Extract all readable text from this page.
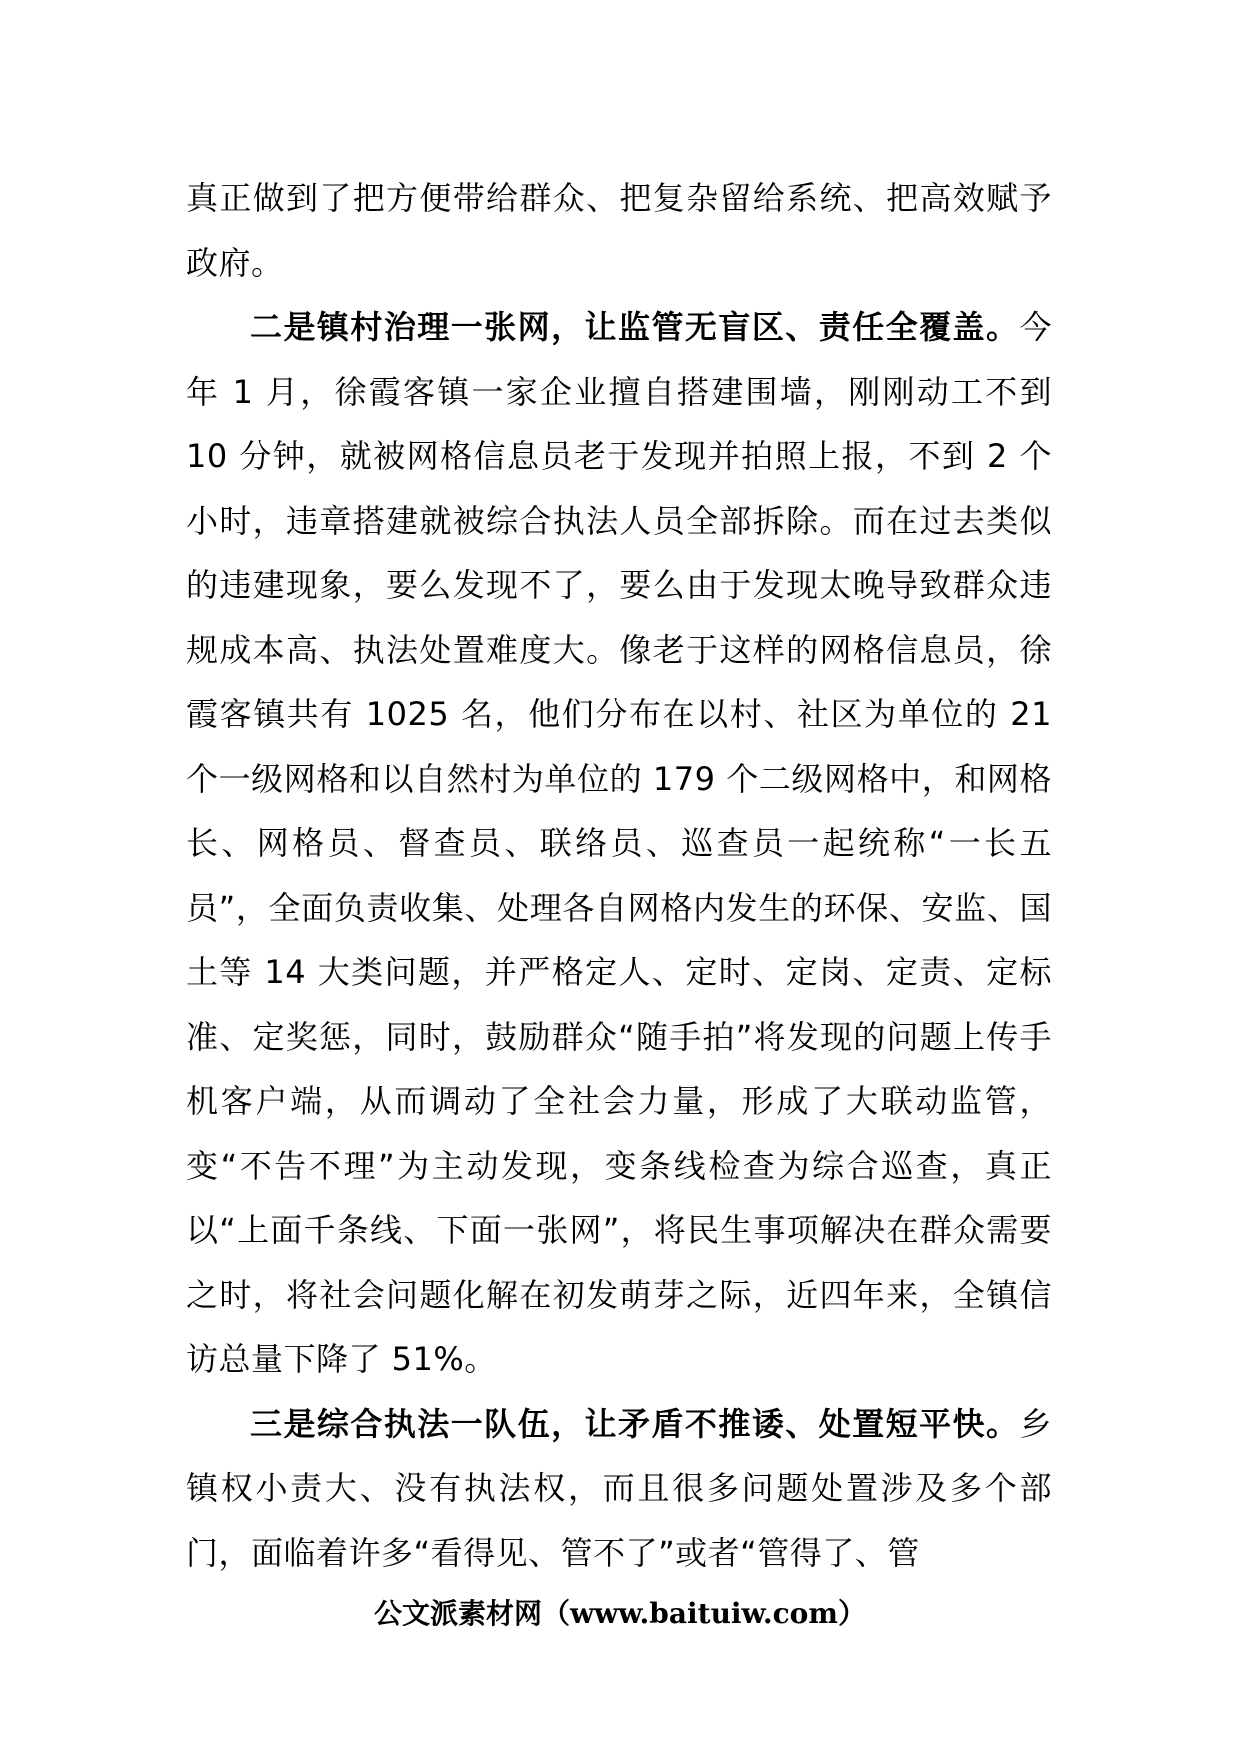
真正做到了把方便带给群众、把复杂留给系统、把高效赋予政府。

二是镇村治理一张网，让监管无盲区、责任全覆盖。今年 1 月，徐霞客镇一家企业擅自搭建围墙，刚刚动工不到 10 分钟，就被网格信息员老于发现并拍照上报，不到 2 个小时，违章搭建就被综合执法人员全部拆除。而在过去类似的违建现象，要么发现不了，要么由于发现太晚导致群众违规成本高、执法处置难度大。像老于这样的网格信息员，徐霞客镇共有 1025 名，他们分布在以村、社区为单位的 21 个一级网格和以自然村为单位的 179 个二级网格中，和网格长、网格员、督查员、联络员、巡查员一起统称“一长五员”，全面负责收集、处理各自网格内发生的环保、安监、国土等 14 大类问题，并严格定人、定时、定岗、定责、定标准、定奖惩，同时，鼓励群众“随手拍”将发现的问题上传手机客户端，从而调动了全社会力量，形成了大联动监管，变“不告不理”为主动发现，变条线检查为综合巡查，真正以“上面千条线、下面一张网”，将民生事项解决在群众需要之时，将社会问题化解在初发萌芽之际，近四年来，全镇信访总量下降了 51%。

三是综合执法一队伍，让矛盾不推诿、处置短平快。乡镇权小责大、没有执法权，而且很多问题处置涉及多个部门，面临着许多“看得见、管不了”或者“管得了、管

公文派素材网（www.baituiw.com）
